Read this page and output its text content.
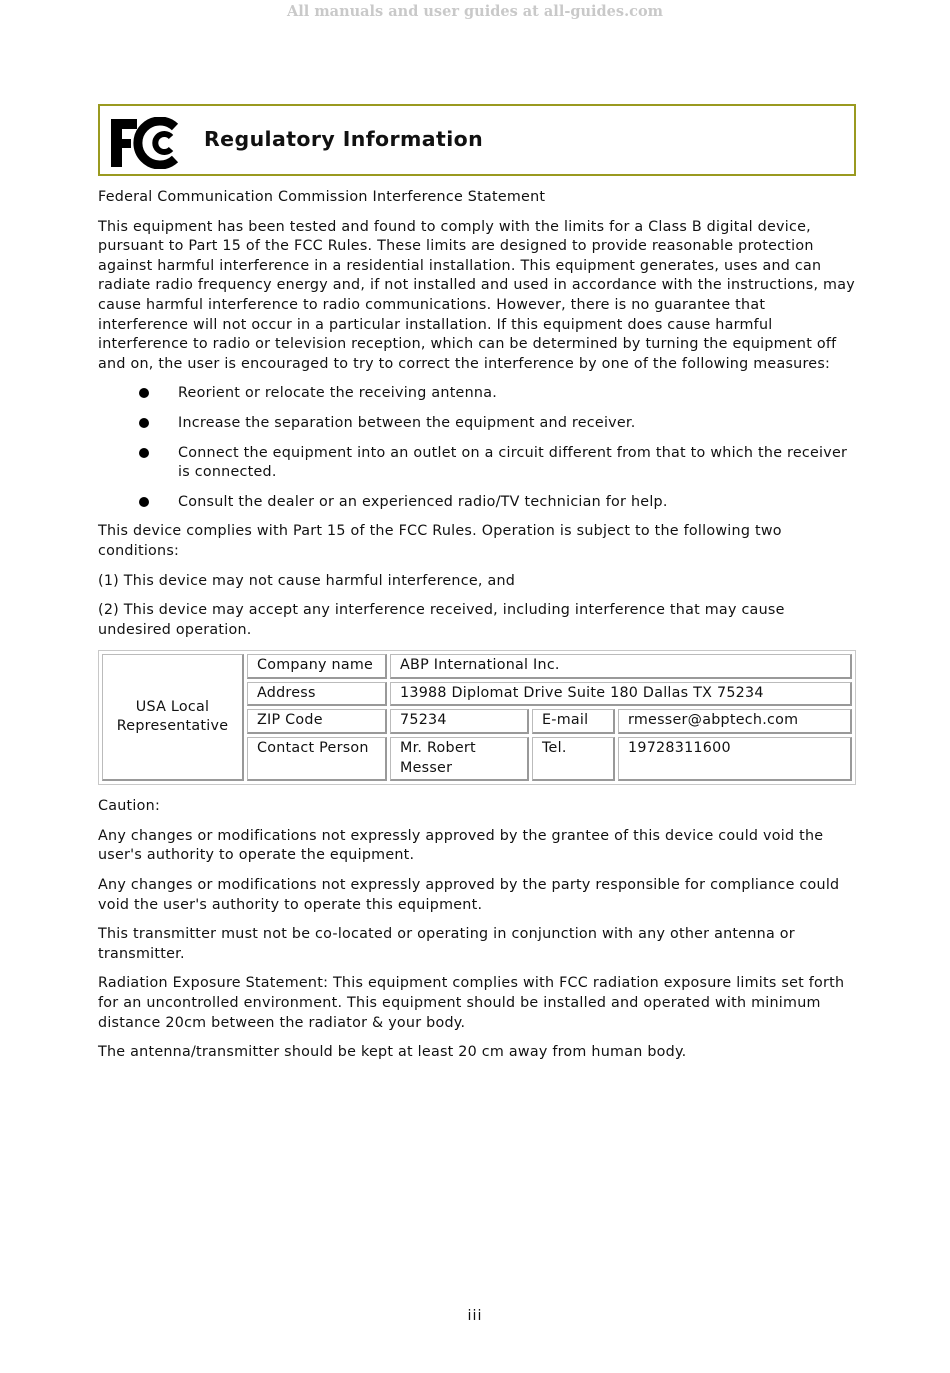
All manuals and user guides at all-guides.com
Regulatory Information

Federal Communication Commission Interference Statement

This equipment has been tested and found to comply with the limits for a Class B digital device, pursuant to Part 15 of the FCC Rules. These limits are designed to provide reasonable protection against harmful interference in a residential installation. This equipment generates, uses and can radiate radio frequency energy and, if not installed and used in accordance with the instructions, may cause harmful interference to radio communications. However, there is no guarantee that interference will not occur in a particular installation. If this equipment does cause harmful interference to radio or television reception, which can be determined by turning the equipment off and on, the user is encouraged to try to correct the interference by one of the following measures:

Reorient or relocate the receiving antenna.
Increase the separation between the equipment and receiver.
Connect the equipment into an outlet on a circuit different from that to which the receiver is connected.
Consult the dealer or an experienced radio/TV technician for help.

This device complies with Part 15 of the FCC Rules. Operation is subject to the following two conditions:

(1) This device may not cause harmful interference, and

(2) This device may accept any interference received, including interference that may cause undesired operation.

USA Local Representative	Company name	ABP International Inc.		
	Address	13988 Diplomat Drive Suite 180 Dallas TX 75234		
	ZIP Code	75234	E-mail	rmesser@abptech.com
	Contact Person	Mr. Robert Messer	Tel.	19728311600

Caution:

Any changes or modifications not expressly approved by the grantee of this device could void the user's authority to operate the equipment.

Any changes or modifications not expressly approved by the party responsible for compliance could void the user's authority to operate this equipment.

This transmitter must not be co-located or operating in conjunction with any other antenna or transmitter.

Radiation Exposure Statement: This equipment complies with FCC radiation exposure limits set forth for an uncontrolled environment. This equipment should be installed and operated with minimum distance 20cm between the radiator & your body.

The antenna/transmitter should be kept at least 20 cm away from human body.

iii
